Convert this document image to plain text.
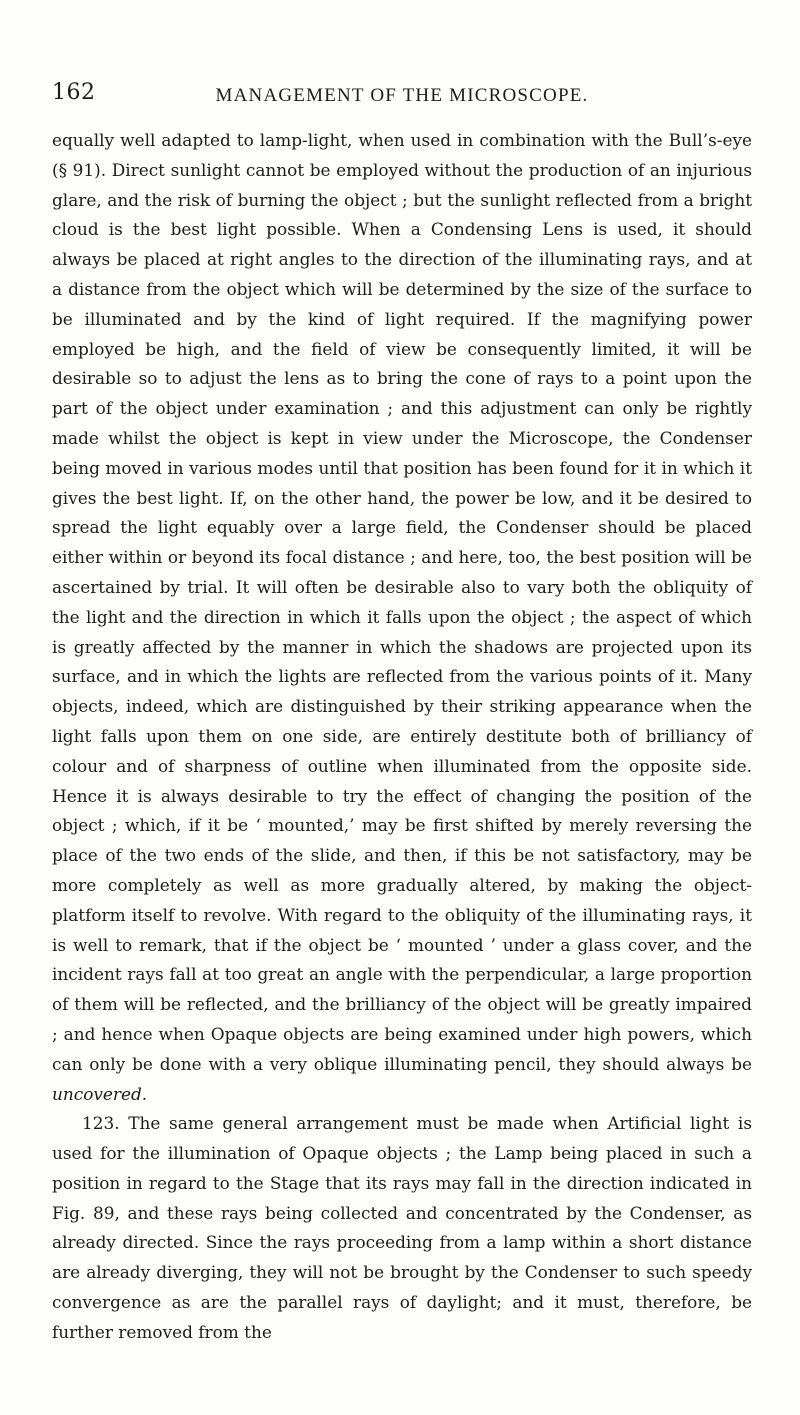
162	MANAGEMENT OF THE MICROSCOPE.

equally well adapted to lamp-light, when used in combination with the Bull’s-eye (§ 91). Direct sunlight cannot be employed without the production of an injurious glare, and the risk of burning the object ; but the sunlight reflected from a bright cloud is the best light possible. When a Condensing Lens is used, it should always be placed at right angles to the direction of the illuminating rays, and at a distance from the object which will be determined by the size of the surface to be illuminated and by the kind of light required. If the magnifying power employed be high, and the field of view be consequently limited, it will be desirable so to adjust the lens as to bring the cone of rays to a point upon the part of the object under examination ; and this adjustment can only be rightly made whilst the object is kept in view under the Microscope, the Condenser being moved in various modes until that position has been found for it in which it gives the best light. If, on the other hand, the power be low, and it be desired to spread the light equably over a large field, the Condenser should be placed either within or beyond its focal distance ; and here, too, the best position will be ascertained by trial. It will often be desirable also to vary both the obliquity of the light and the direction in which it falls upon the object ; the aspect of which is greatly affected by the manner in which the shadows are projected upon its surface, and in which the lights are reflected from the various points of it. Many objects, indeed, which are distinguished by their striking appearance when the light falls upon them on one side, are entirely destitute both of brilliancy of colour and of sharpness of outline when illuminated from the opposite side. Hence it is always desirable to try the effect of changing the position of the object ; which, if it be ‘ mounted,’ may be first shifted by merely reversing the place of the two ends of the slide, and then, if this be not satisfactory, may be more completely as well as more gradually altered, by making the object-platform itself to revolve. With regard to the obliquity of the illuminating rays, it is well to remark, that if the object be ‘ mounted ’ under a glass cover, and the incident rays fall at too great an angle with the perpendicular, a large proportion of them will be reflected, and the brilliancy of the object will be greatly impaired ; and hence when Opaque objects are being examined under high powers, which can only be done with a very oblique illuminating pencil, they should always be uncovered.

123. The same general arrangement must be made when Artificial light is used for the illumination of Opaque objects ; the Lamp being placed in such a position in regard to the Stage that its rays may fall in the direction indicated in Fig. 89, and these rays being collected and concentrated by the Condenser, as already directed. Since the rays proceeding from a lamp within a short distance are already diverging, they will not be brought by the Condenser to such speedy convergence as are the parallel rays of daylight; and it must, therefore, be further removed from the
